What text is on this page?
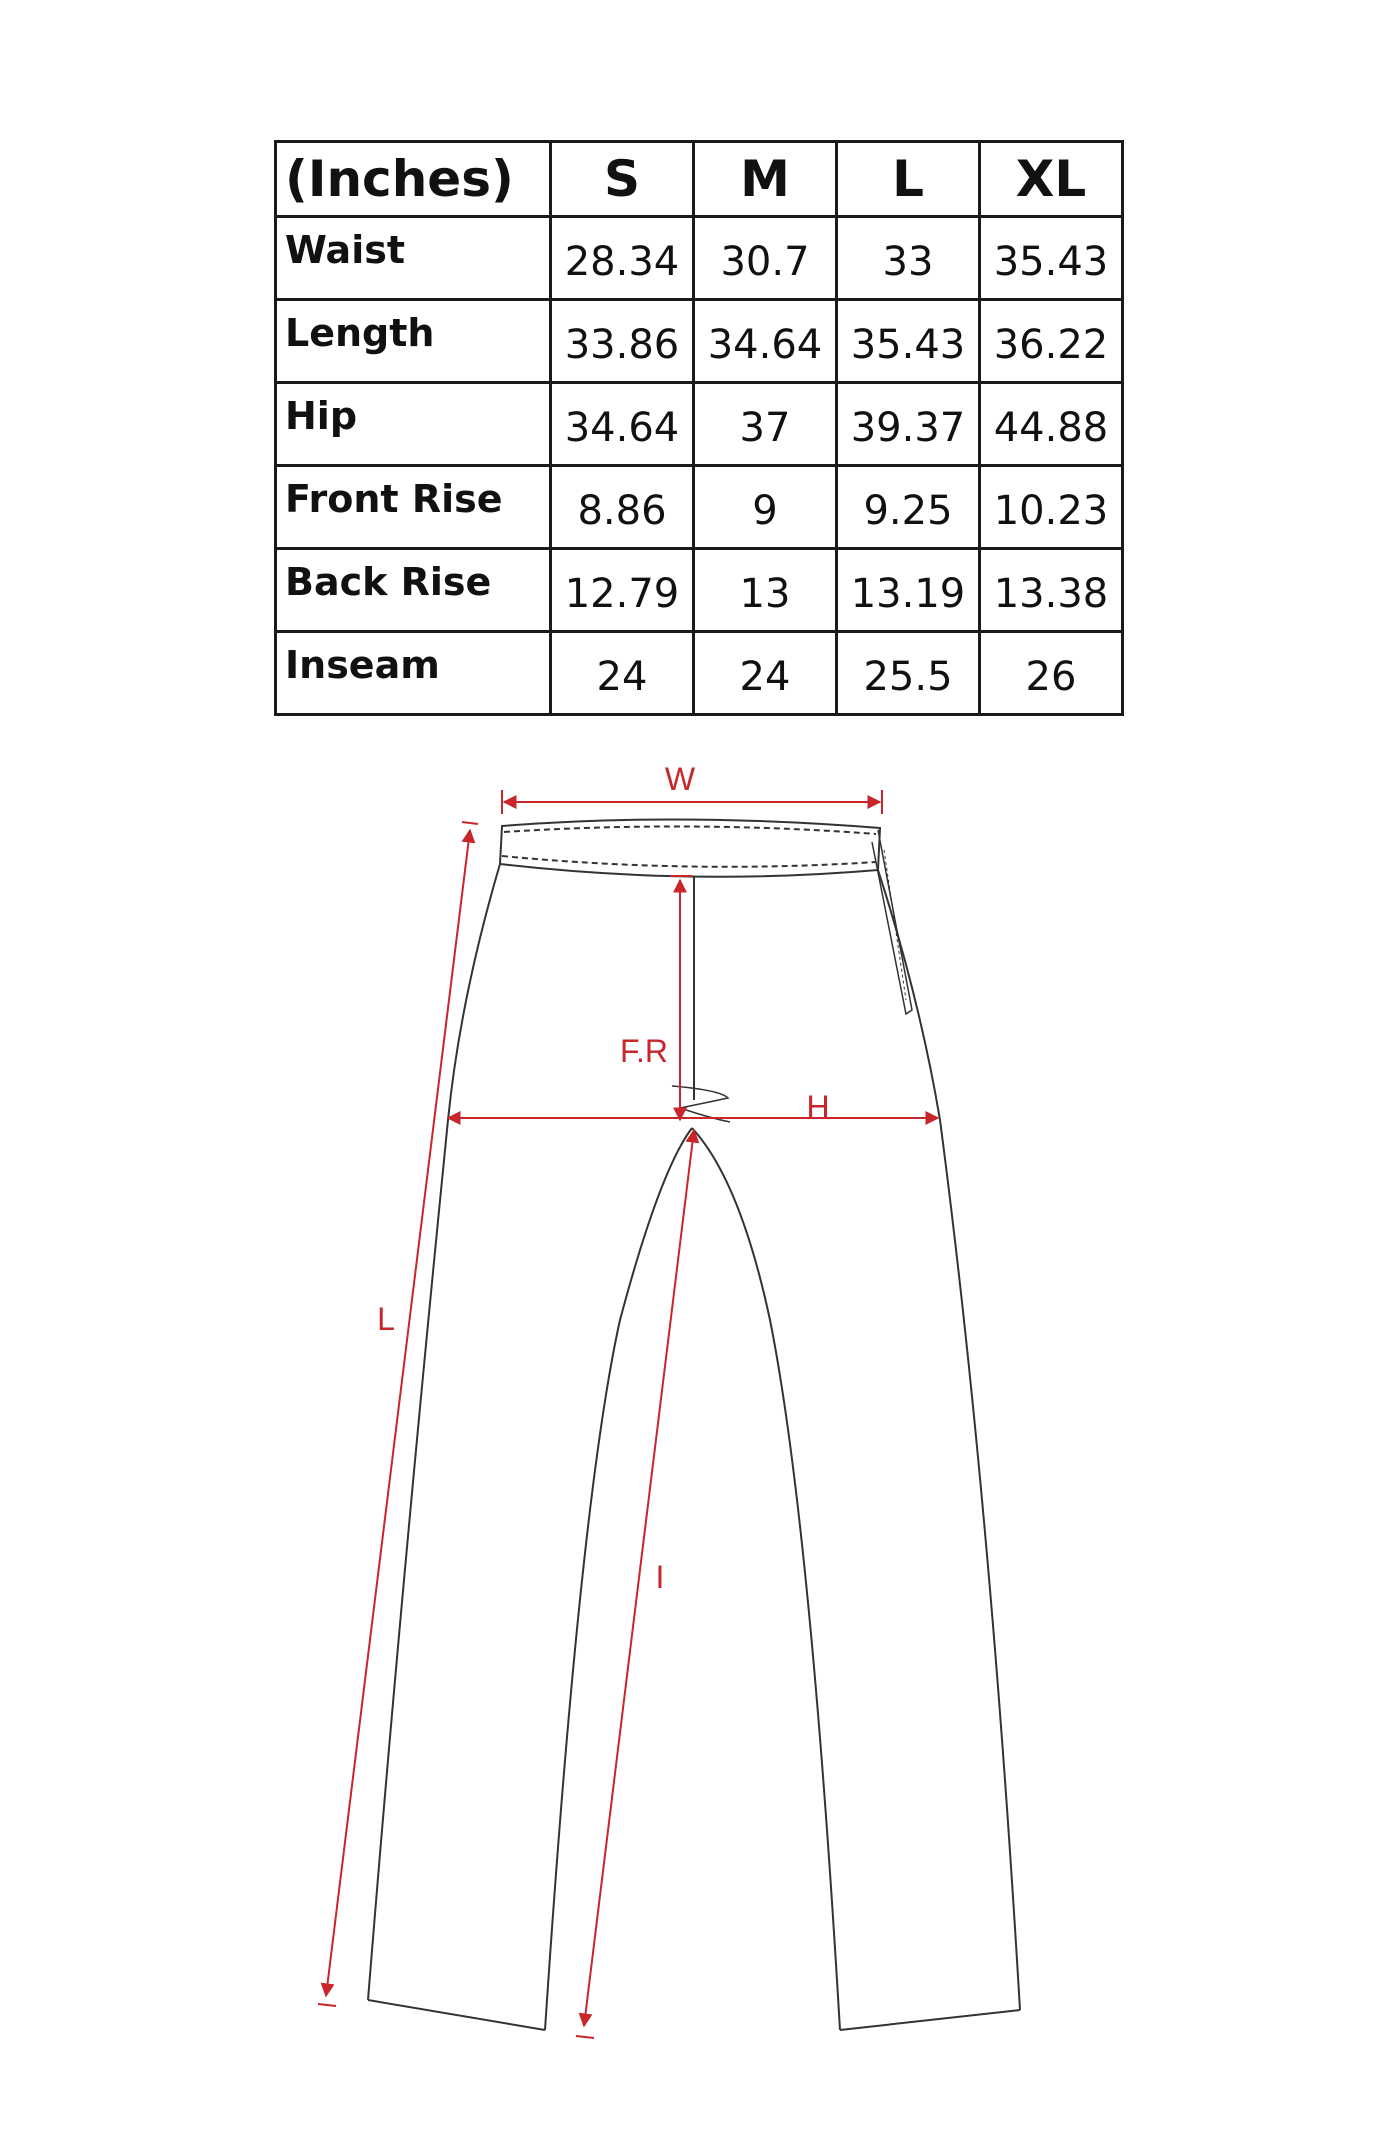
(Inches)	S	M	L	XL
Waist	28.34	30.7	33	35.43
Length	33.86	34.64	35.43	36.22
Hip	34.64	37	39.37	44.88
Front Rise	8.86	9	9.25	10.23
Back Rise	12.79	13	13.19	13.38
Inseam	24	24	25.5	26
W
F.R
H
L
I
